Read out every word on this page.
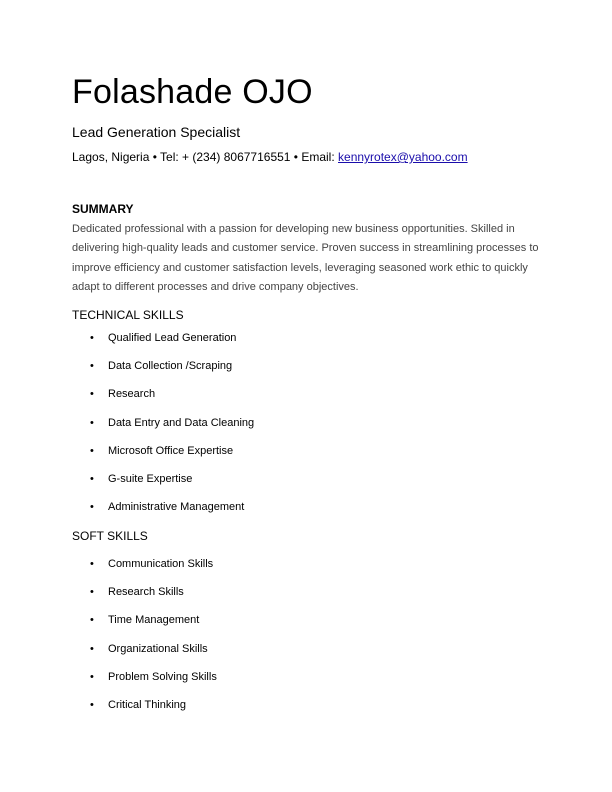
Folashade OJO
Lead Generation Specialist
Lagos, Nigeria • Tel: + (234) 8067716551 • Email: kennyrotex@yahoo.com
SUMMARY

Dedicated professional with a passion for developing new business opportunities. Skilled in delivering high-quality leads and customer service. Proven success in streamlining processes to improve efficiency and customer satisfaction levels, leveraging seasoned work ethic to quickly adapt to different processes and drive company objectives.

TECHNICAL SKILLS
•	Qualified Lead Generation
•	Data Collection /Scraping
•	Research
•	Data Entry and Data Cleaning
•	Microsoft Office Expertise
•	G-suite Expertise
•	Administrative Management
SOFT SKILLS
•	Communication Skills
•	Research Skills
•	Time Management
•	Organizational Skills
•	Problem Solving Skills
•	Critical Thinking
